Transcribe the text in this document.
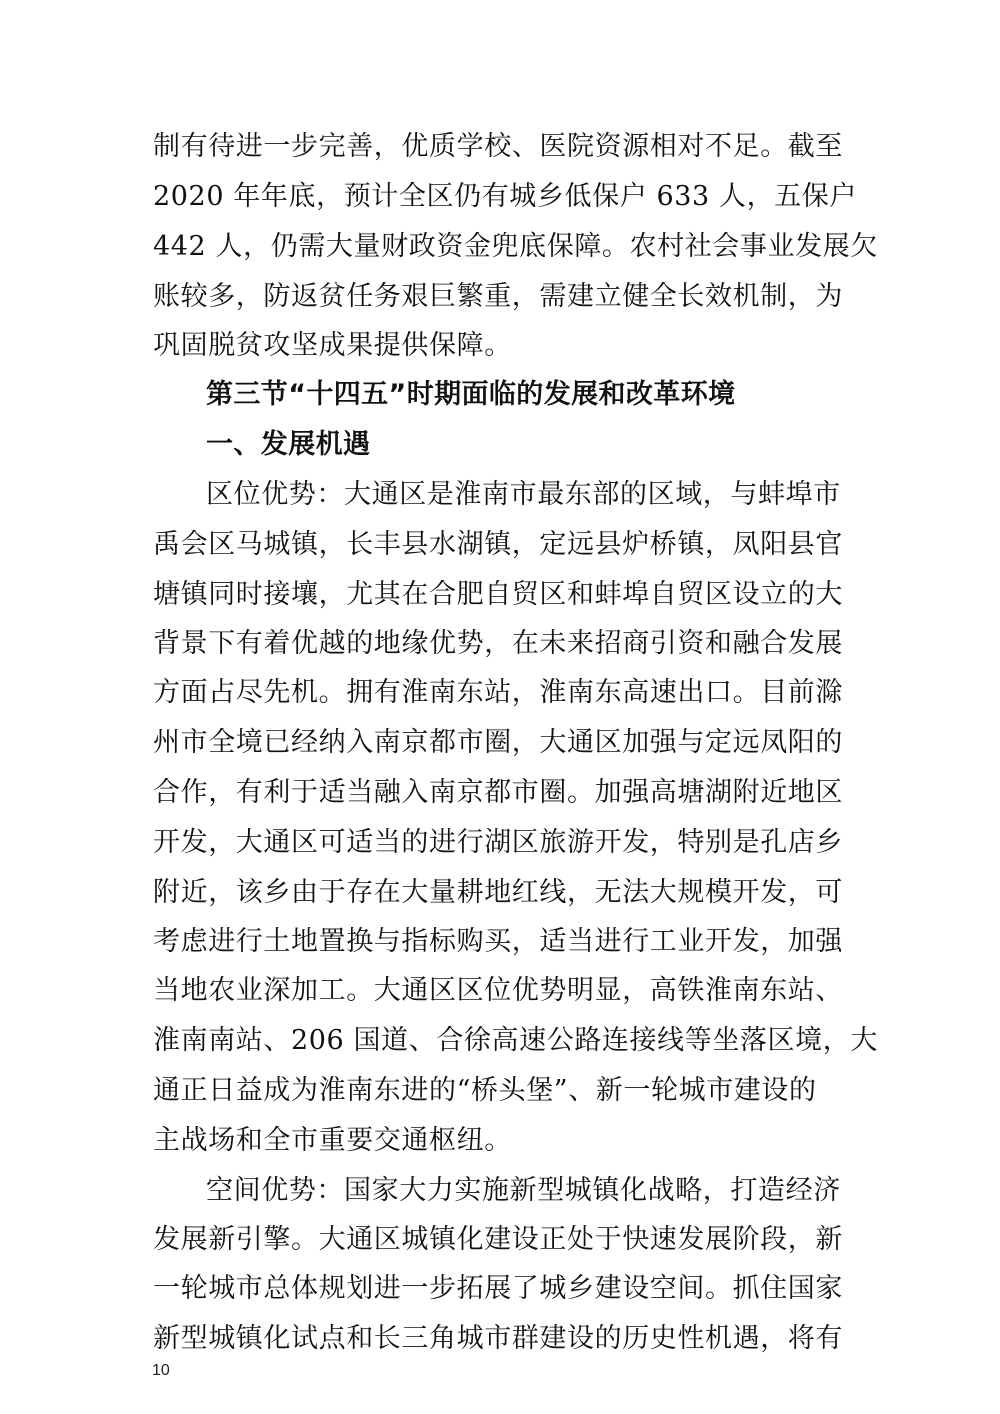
制有待进一步完善，优质学校、医院资源相对不足。截至
2020 年年底，预计全区仍有城乡低保户 633 人，五保户
442 人，仍需大量财政资金兜底保障。农村社会事业发展欠
账较多，防返贫任务艰巨繁重，需建立健全长效机制，为
巩固脱贫攻坚成果提供保障。
第三节“十四五”时期面临的发展和改革环境
一、发展机遇
区位优势：大通区是淮南市最东部的区域，与蚌埠市
禹会区马城镇，长丰县水湖镇，定远县炉桥镇，凤阳县官
塘镇同时接壤，尤其在合肥自贸区和蚌埠自贸区设立的大
背景下有着优越的地缘优势，在未来招商引资和融合发展
方面占尽先机。拥有淮南东站，淮南东高速出口。目前滁
州市全境已经纳入南京都市圈，大通区加强与定远凤阳的
合作，有利于适当融入南京都市圈。加强高塘湖附近地区
开发，大通区可适当的进行湖区旅游开发，特别是孔店乡
附近，该乡由于存在大量耕地红线，无法大规模开发，可
考虑进行土地置换与指标购买，适当进行工业开发，加强
当地农业深加工。大通区区位优势明显，高铁淮南东站、
淮南南站、206 国道、合徐高速公路连接线等坐落区境，大
通正日益成为淮南东进的“桥头堡”、新一轮城市建设的
主战场和全市重要交通枢纽。
空间优势：国家大力实施新型城镇化战略，打造经济
发展新引擎。大通区城镇化建设正处于快速发展阶段，新
一轮城市总体规划进一步拓展了城乡建设空间。抓住国家
新型城镇化试点和长三角城市群建设的历史性机遇，将有
10
